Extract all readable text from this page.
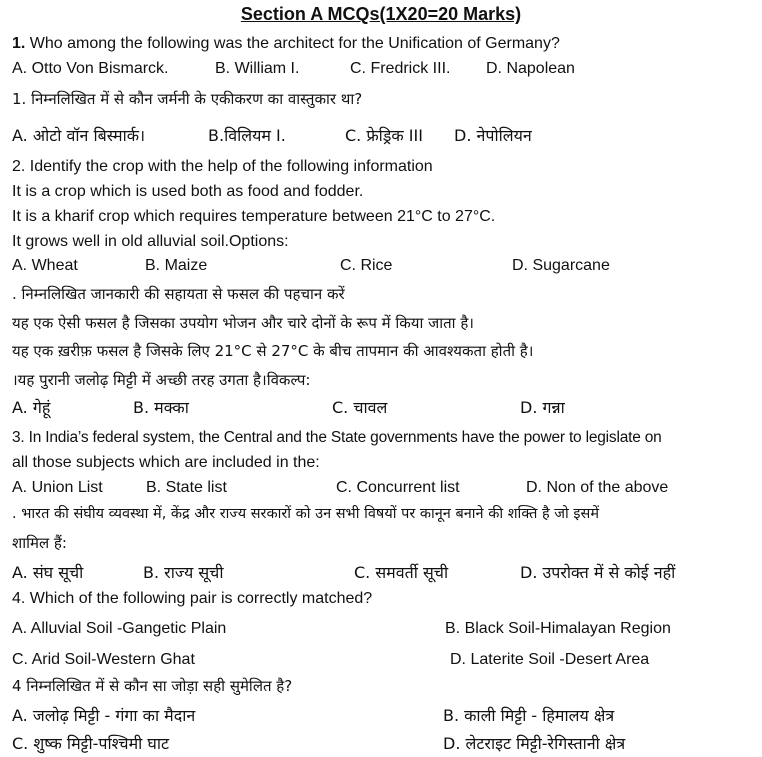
Section A MCQs(1X20=20 Marks)
1. Who among the following was the architect for the Unification of Germany?
A. Otto Von Bismarck.	B. William I.	C. Fredrick III. D. Napolean
1. निम्नलिखित में से कौन जर्मनी के एकीकरण का वास्तुकार था?
A. ओटो वॉन बिस्मार्क।	B.विलियम I.	C. फ्रेड्रिक III D. नेपोलियन
2. Identify the crop with the help of the following information
It is a crop which is used both as food and fodder.
It is a kharif crop which requires temperature between 21°C to 27°C.
It grows well in old alluvial soil.Options:
A. Wheat	B. Maize	C. Rice	D. Sugarcane
. निम्नलिखित जानकारी की सहायता से फसल की पहचान करें
यह एक ऐसी फसल है जिसका उपयोग भोजन और चारे दोनों के रूप में किया जाता है।
यह एक ख़रीफ़ फसल है जिसके लिए 21°C से 27°C के बीच तापमान की आवश्यकता होती है।
।यह पुरानी जलोढ़ मिट्टी में अच्छी तरह उगता है।विकल्प:
A. गेहूं	B. मक्का	C. चावल	D. गन्ना
3. In India’s federal system, the Central and the State governments have the power to legislate on
all those subjects which are included in the:
A. Union List	B. State list	C. Concurrent list	D. Non of the above
. भारत की संघीय व्यवस्था में, केंद्र और राज्य सरकारों को उन सभी विषयों पर कानून बनाने की शक्ति है जो इसमें
शामिल हैं:
A. संघ सूची	B. राज्य सूची	C. समवर्ती सूची	D. उपरोक्त में से कोई नहीं
4. Which of the following pair is correctly matched?
A. Alluvial Soil -Gangetic Plain	B. Black Soil-Himalayan Region
C. Arid Soil-Western Ghat	D. Laterite Soil -Desert Area
4 निम्नलिखित में से कौन सा जोड़ा सही सुमेलित है?
A. जलोढ़ मिट्टी - गंगा का मैदान	B. काली मिट्टी - हिमालय क्षेत्र
C. शुष्क मिट्टी-पश्चिमी घाट	D. लेटराइट मिट्टी-रेगिस्तानी क्षेत्र
